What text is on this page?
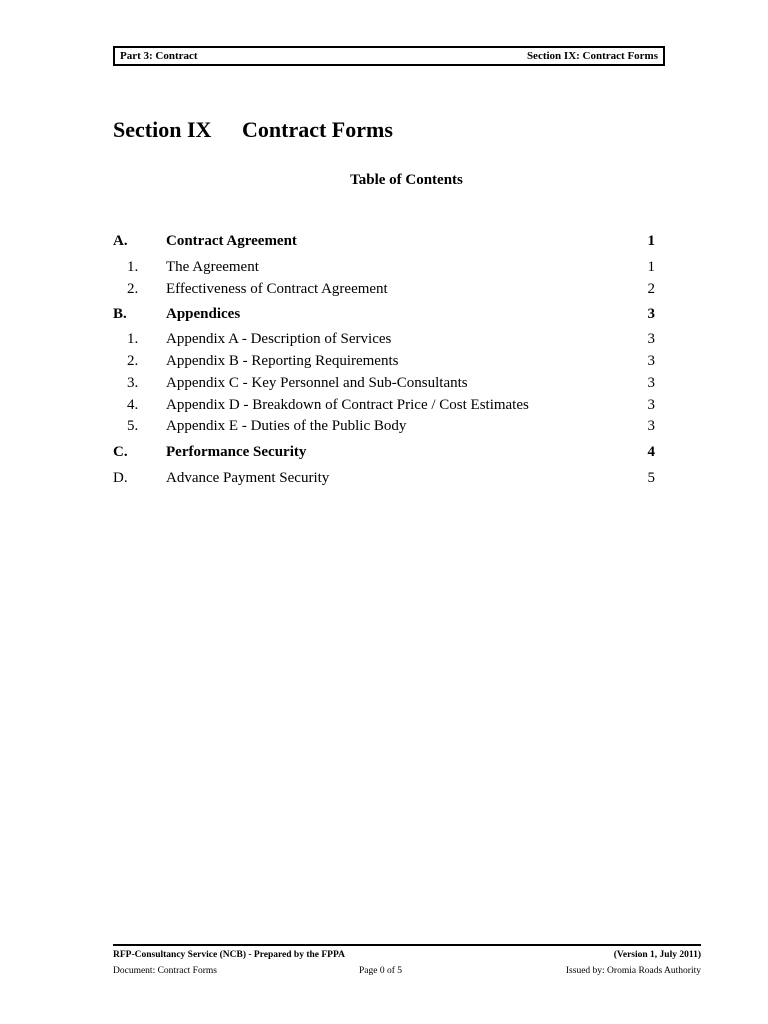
Part 3: Contract	Section IX: Contract Forms
Section IX	Contract Forms
Table of Contents
A.	Contract Agreement	1
1. The Agreement	1
2. Effectiveness of Contract Agreement	2
B.	Appendices	3
1. Appendix A - Description of Services	3
2. Appendix B - Reporting Requirements	3
3. Appendix C - Key Personnel and Sub-Consultants	3
4. Appendix D - Breakdown of Contract Price / Cost Estimates	3
5. Appendix E - Duties of the Public Body	3
C.	Performance Security	4
D.	Advance Payment Security	5
RFP-Consultancy Service (NCB) - Prepared by the FPPA	(Version 1, July 2011)
Document: Contract Forms	Page 0 of 5	Issued by: Oromia Roads Authority
